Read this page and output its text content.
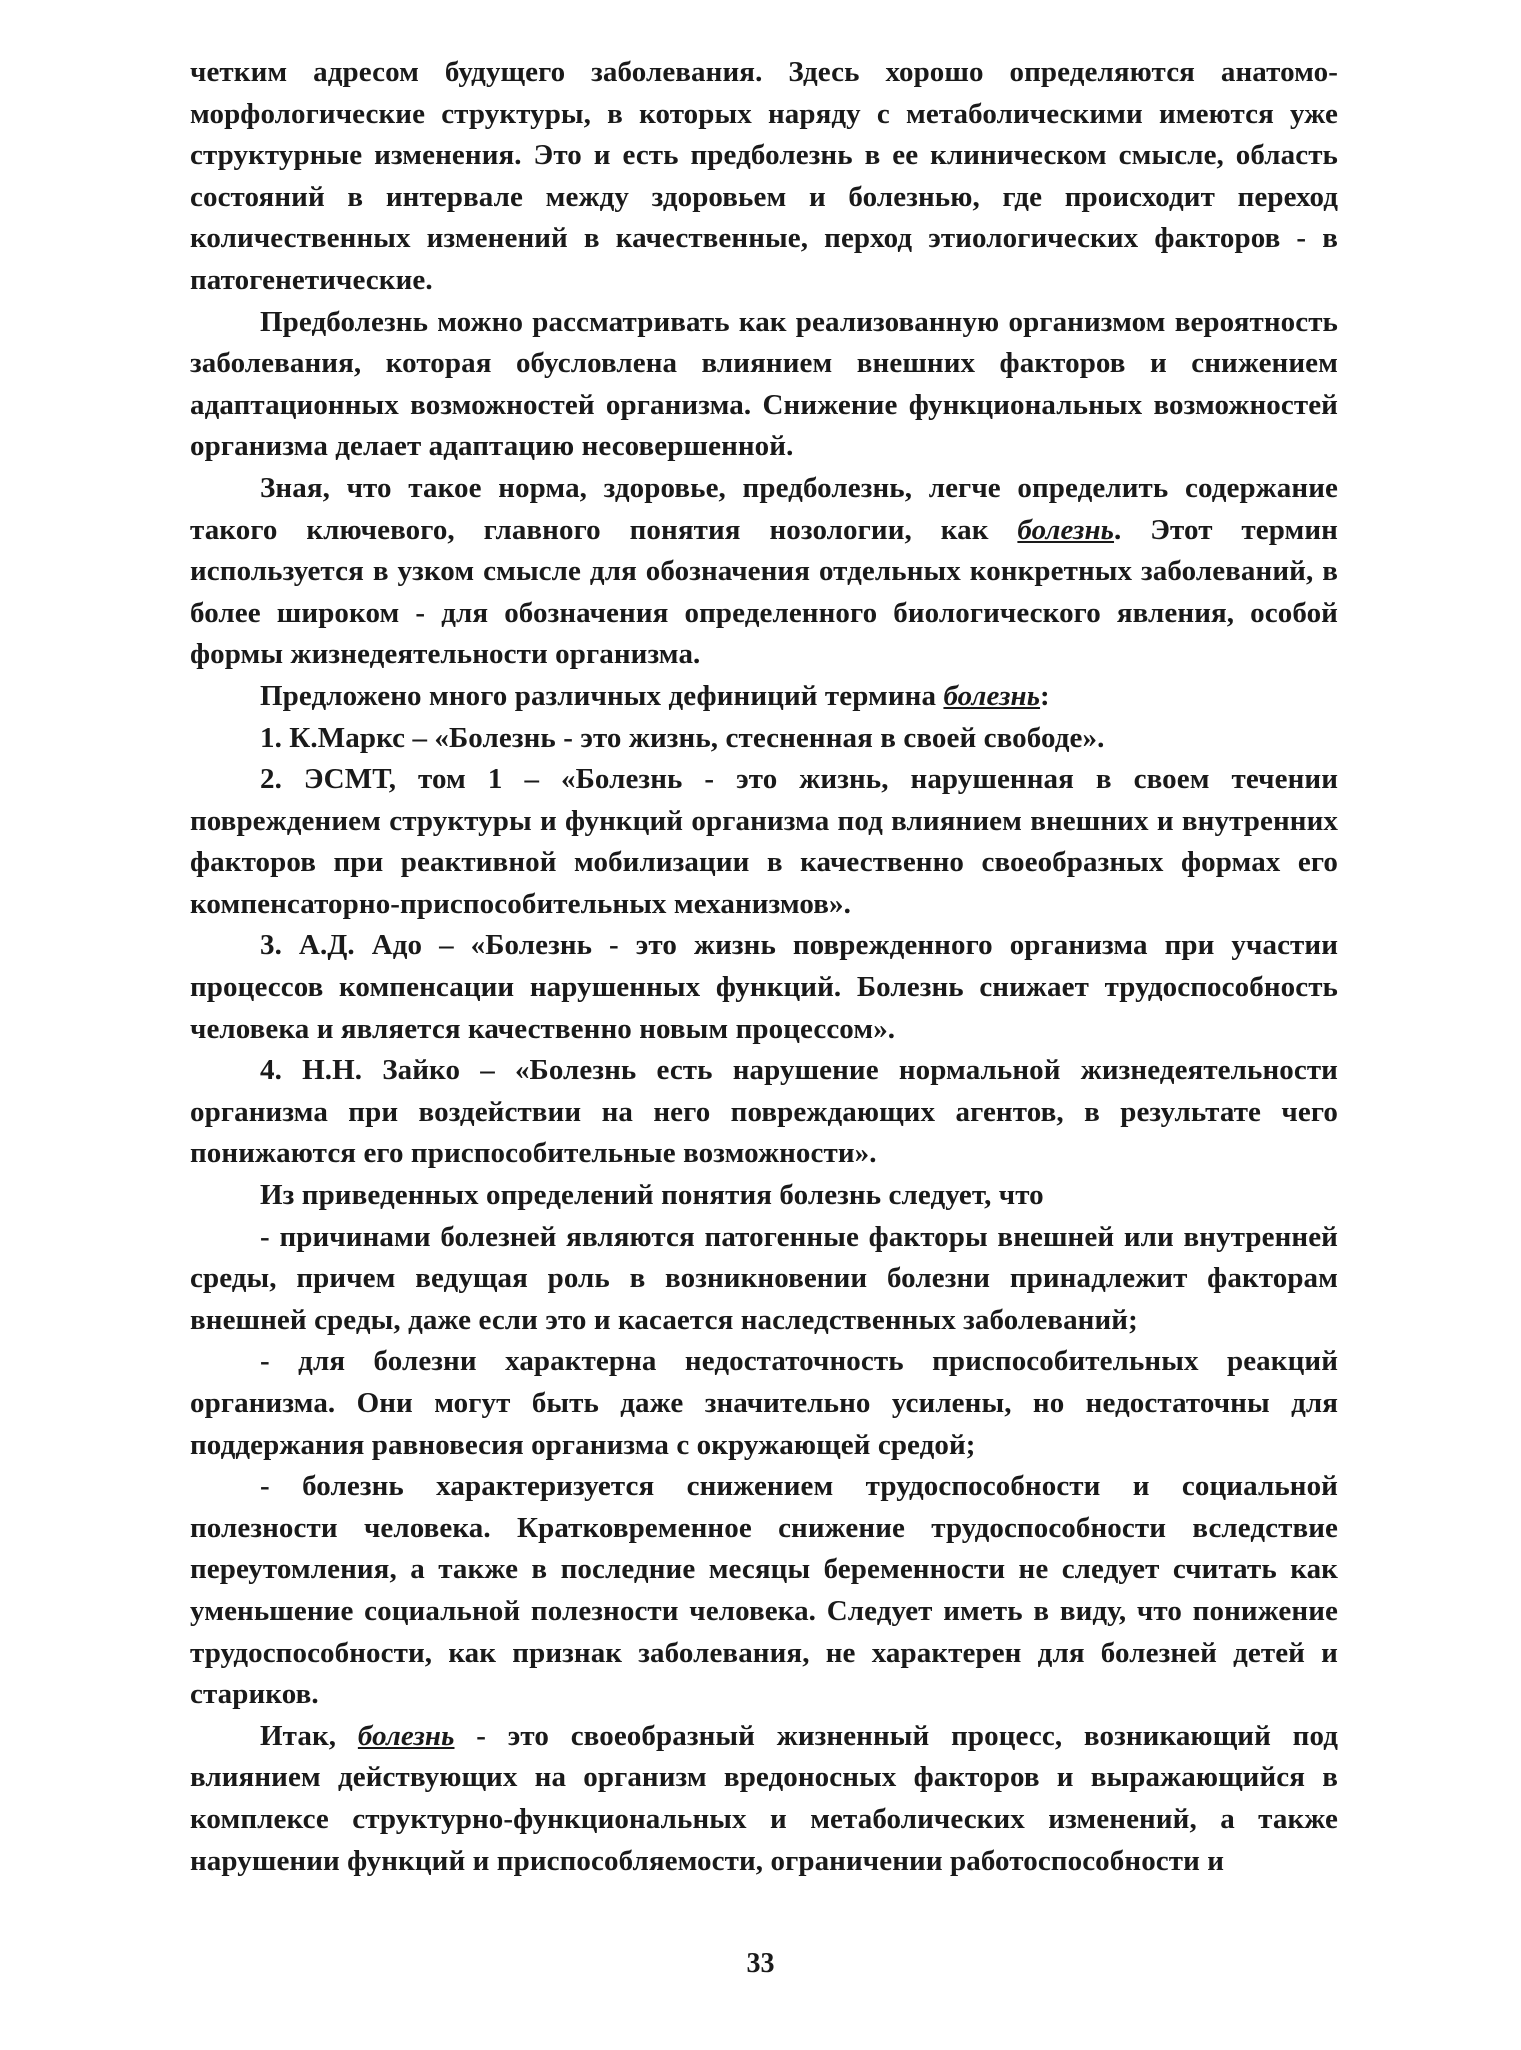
четким адресом будущего заболевания. Здесь хорошо определяются анатомо-морфологические структуры, в которых наряду с метаболическими имеются уже структурные изменения. Это и есть предболезнь в ее клиническом смысле, область состояний в интервале между здоровьем и болезнью, где происходит переход количественных изменений в качественные, перход этиологических факторов - в патогенетические.

Предболезнь можно рассматривать как реализованную организмом вероятность заболевания, которая обусловлена влиянием внешних факторов и снижением адаптационных возможностей организма. Снижение функциональных возможностей организма делает адаптацию несовершенной.

Зная, что такое норма, здоровье, предболезнь, легче определить содержание такого ключевого, главного понятия нозологии, как болезнь. Этот термин используется в узком смысле для обозначения отдельных конкретных заболеваний, в более широком - для обозначения определенного биологического явления, особой формы жизнедеятельности организма.

Предложено много различных дефиниций термина болезнь:

1. К.Маркс – «Болезнь - это жизнь, стесненная в своей свободе».

2. ЭСМТ, том 1 – «Болезнь - это жизнь, нарушенная в своем течении повреждением структуры и функций организма под влиянием внешних и внутренних факторов при реактивной мобилизации в качественно своеобразных формах его компенсаторно-приспособительных механизмов».

3. А.Д. Адо – «Болезнь - это жизнь поврежденного организма при участии процессов компенсации нарушенных функций. Болезнь снижает трудоспособность человека и является качественно новым процессом».

4. Н.Н. Зайко – «Болезнь есть нарушение нормальной жизнедеятельности организма при воздействии на него повреждающих агентов, в результате чего понижаются его приспособительные возможности».

Из приведенных определений понятия болезнь следует, что

- причинами болезней являются патогенные факторы внешней или внутренней среды, причем ведущая роль в возникновении болезни принадлежит факторам внешней среды, даже если это и касается наследственных заболеваний;

- для болезни характерна недостаточность приспособительных реакций организма. Они могут быть даже значительно усилены, но недостаточны для поддержания равновесия организма с окружающей средой;

- болезнь характеризуется снижением трудоспособности и социальной полезности человека. Кратковременное снижение трудоспособности вследствие переутомления, а также в последние месяцы беременности не следует считать как уменьшение социальной полезности человека. Следует иметь в виду, что понижение трудоспособности, как признак заболевания, не характерен для болезней детей и стариков.

Итак, болезнь - это своеобразный жизненный процесс, возникающий под влиянием действующих на организм вредоносных факторов и выражающийся в комплексе структурно-функциональных и метаболических изменений, а также нарушении функций и приспособляемости, ограничении работоспособности и

33
